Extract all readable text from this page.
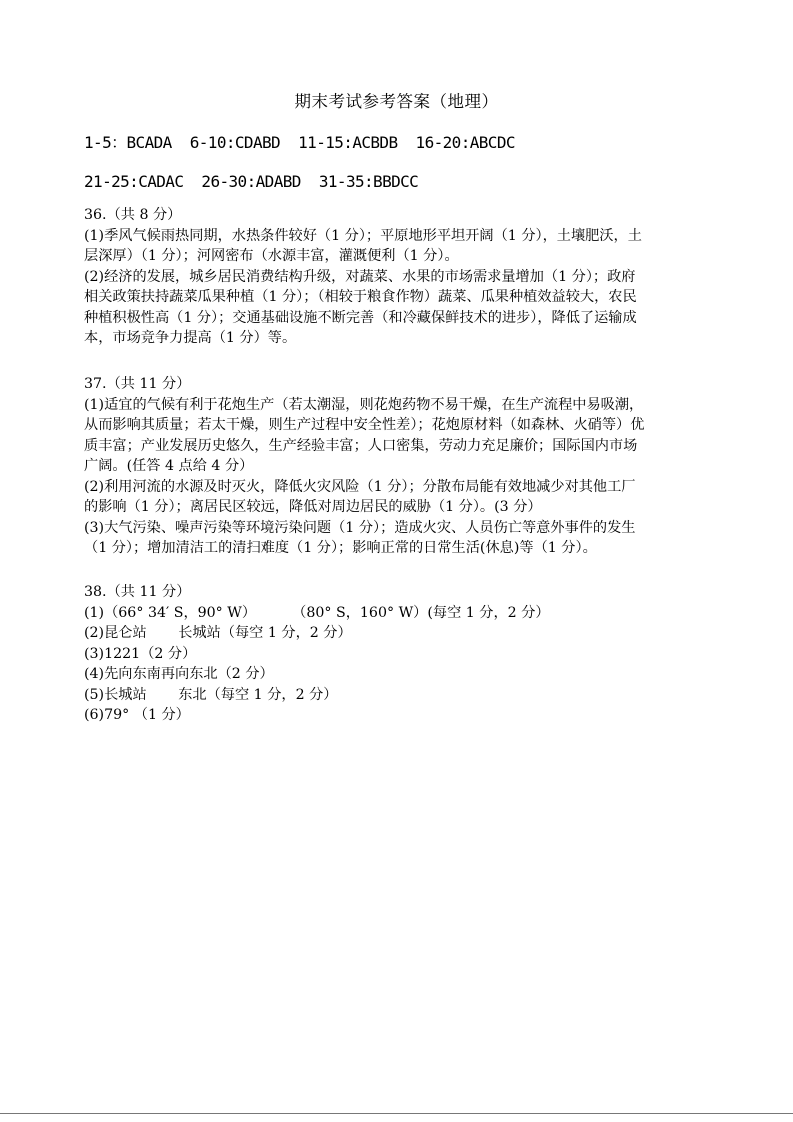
期末考试参考答案（地理）
1-5：BCADA  6-10:CDABD  11-15:ACBDB  16-20:ABCDC
21-25:CADAC  26-30:ADABD  31-35:BBDCC

36.（共 8 分）

(1)季风气候雨热同期，水热条件较好（1 分）；平原地形平坦开阔（1 分），土壤肥沃，土

层深厚）（1 分）；河网密布（水源丰富，灌溉便利（1 分）。

(2)经济的发展，城乡居民消费结构升级，对蔬菜、水果的市场需求量增加（1 分）；政府

相关政策扶持蔬菜瓜果种植（1 分）；（相较于粮食作物）蔬菜、瓜果种植效益较大，农民

种植积极性高（1 分）；交通基础设施不断完善（和冷藏保鲜技术的进步），降低了运输成

本，市场竞争力提高（1 分）等。

37.（共 11 分）

(1)适宜的气候有利于花炮生产（若太潮湿，则花炮药物不易干燥，在生产流程中易吸潮，

从而影响其质量；若太干燥，则生产过程中安全性差）；花炮原材料（如森林、火硝等）优

质丰富；产业发展历史悠久，生产经验丰富；人口密集，劳动力充足廉价；国际国内市场

广阔。(任答 4 点给 4 分）

(2)利用河流的水源及时灭火，降低火灾风险（1 分）；分散布局能有效地减少对其他工厂

的影响（1 分）；离居民区较远，降低对周边居民的威胁（1 分）。(3 分）

(3)大气污染、噪声污染等环境污染问题（1 分）；造成火灾、人员伤亡等意外事件的发生

（1 分）；增加清洁工的清扫难度（1 分）；影响正常的日常生活(休息)等（1 分）。

38.（共 11 分）

(1)（66° 34′ S，90° W）        （80° S，160° W）(每空 1 分，2 分）

(2)昆仑站       长城站（每空 1 分，2 分）

(3)1221（2 分）

(4)先向东南再向东北（2 分）

(5)长城站       东北（每空 1 分，2 分）

(6)79° （1 分）
